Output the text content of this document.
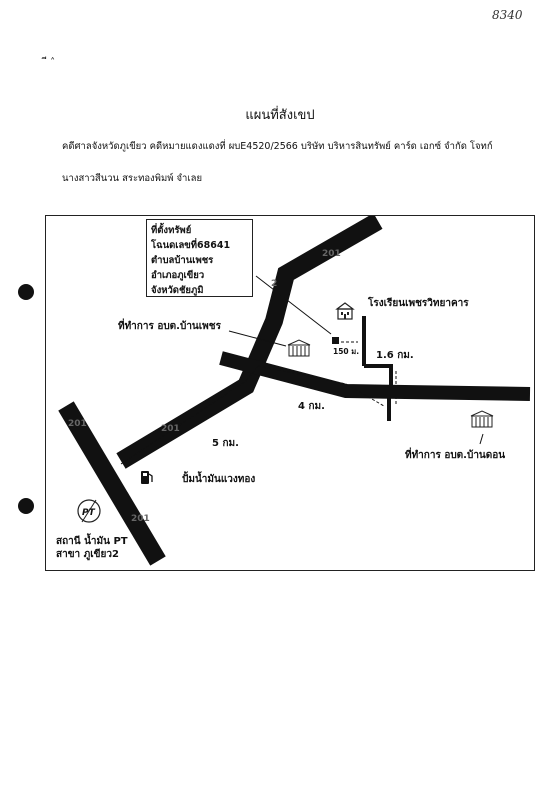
8340
ี ˄
แผนที่สังเขป
คดีศาลจังหวัดภูเขียว คดีหมายแดงแดงที่ ผบE4520/2566 บริษัท บริหารสินทรัพย์ คาร์ด เอกซ์ จำกัด โจทก์
นางสาวสีนวน สระทองพิมพ์ จำเลย
201
2
201	201
201
ที่ตั้งทรัพย์
โฉนดเลขที่68641
ตำบลบ้านเพชร
อำเภอภูเขียว
จังหวัดชัยภูมิ
โรงเรียนเพชรวิทยาคาร
ที่ทำการ อบต.บ้านเพชร
150 ม. 1.6 กม.
4 กม.
5 กม.
ที่ทำการ อบต.บ้านดอน
ปั้มน้ำมันแวงทอง
PT
สถานี น้ำมัน PT
สาขา ภูเขียว2
